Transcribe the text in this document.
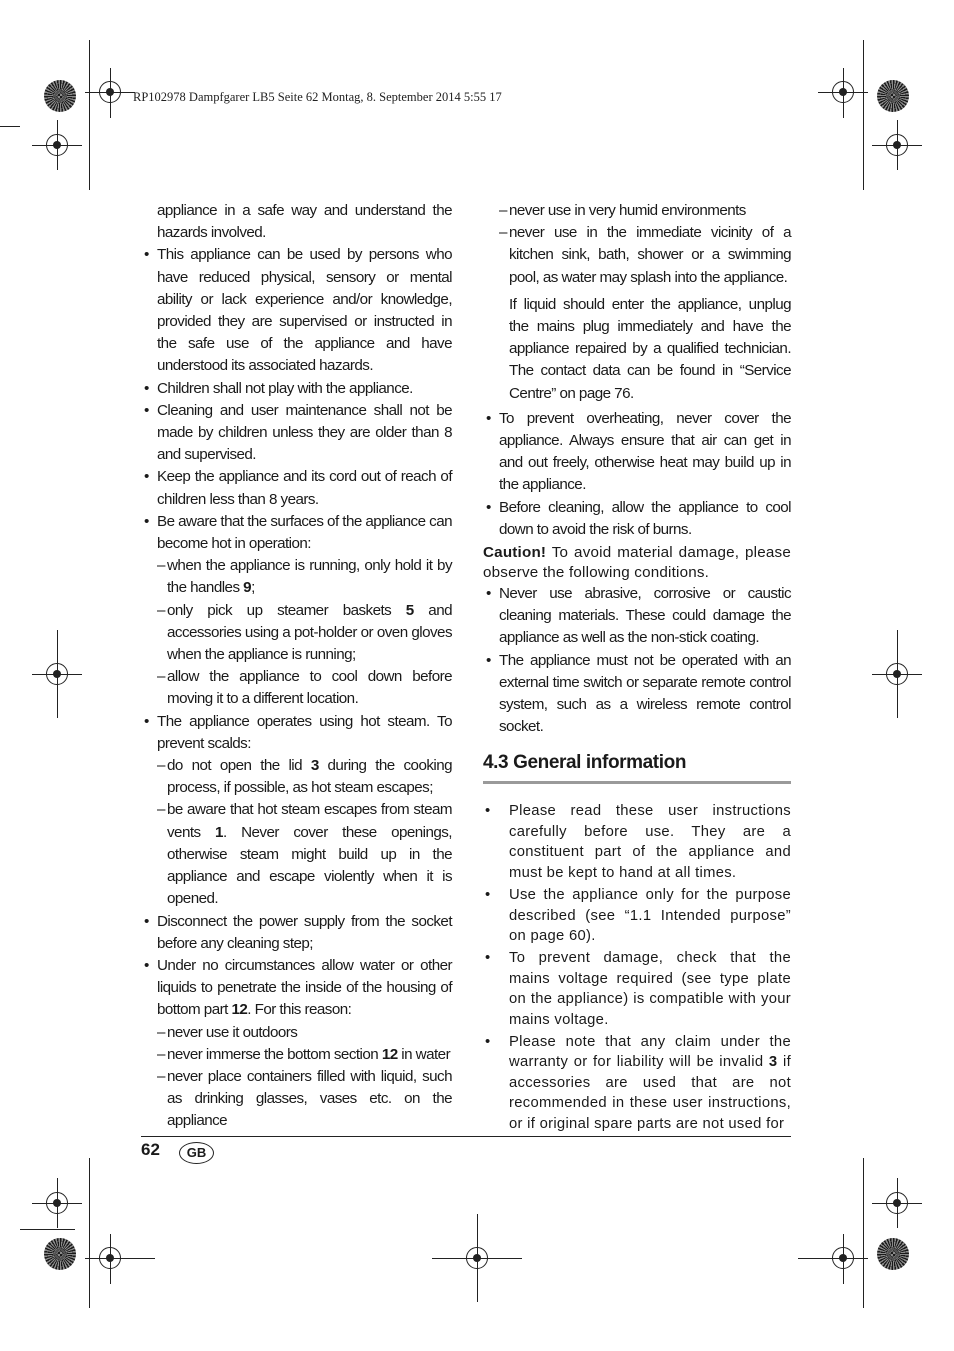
RP102978 Dampfgarer LB5 Seite 62 Montag, 8. September 2014 5:55 17
appliance in a safe way and understand the hazards involved.
• This appliance can be used by persons who have reduced physical, sensory or mental ability or lack experience and/or knowledge, provided they are supervised or instructed in the safe use of the appliance and have understood its associated hazards.
• Children shall not play with the appliance.
• Cleaning and user maintenance shall not be made by children unless they are older than 8 and supervised.
• Keep the appliance and its cord out of reach of children less than 8 years.
• Be aware that the surfaces of the appliance can become hot in operation:
– when the appliance is running, only hold it by the handles 9;
– only pick up steamer baskets 5 and accessories using a pot-holder or oven gloves when the appliance is running;
– allow the appliance to cool down before moving it to a different location.
• The appliance operates using hot steam. To prevent scalds:
– do not open the lid 3 during the cooking process, if possible, as hot steam escapes;
– be aware that hot steam escapes from steam vents 1. Never cover these openings, otherwise steam might build up in the appliance and escape violently when it is opened.
• Disconnect the power supply from the socket before any cleaning step;
• Under no circumstances allow water or other liquids to penetrate the inside of the housing of bottom part 12. For this reason:
– never use it outdoors
– never immerse the bottom section 12 in water
– never place containers filled with liquid, such as drinking glasses, vases etc. on the appliance
– never use in very humid environments
– never use in the immediate vicinity of a kitchen sink, bath, shower or a swimming pool, as water may splash into the appliance.
If liquid should enter the appliance, unplug the mains plug immediately and have the appliance repaired by a qualified technician. The contact data can be found in “Service Centre” on page 76.
• To prevent overheating, never cover the appliance. Always ensure that air can get in and out freely, otherwise heat may build up in the appliance.
• Before cleaning, allow the appliance to cool down to avoid the risk of burns.
Caution! To avoid material damage, please observe the following conditions.
• Never use abrasive, corrosive or caustic cleaning materials. These could damage the appliance as well as the non-stick coating.
• The appliance must not be operated with an external time switch or separate remote control system, such as a wireless remote control socket.
4.3 General information
• Please read these user instructions carefully before use. They are a constituent part of the appliance and must be kept to hand at all times.
• Use the appliance only for the purpose described (see “1.1 Intended purpose” on page 60).
• To prevent damage, check that the mains voltage required (see type plate on the appliance) is compatible with your mains voltage.
• Please note that any claim under the warranty or for liability will be invalid 3 if accessories are used that are not recommended in these user instructions, or if original spare parts are not used for
62	GB
